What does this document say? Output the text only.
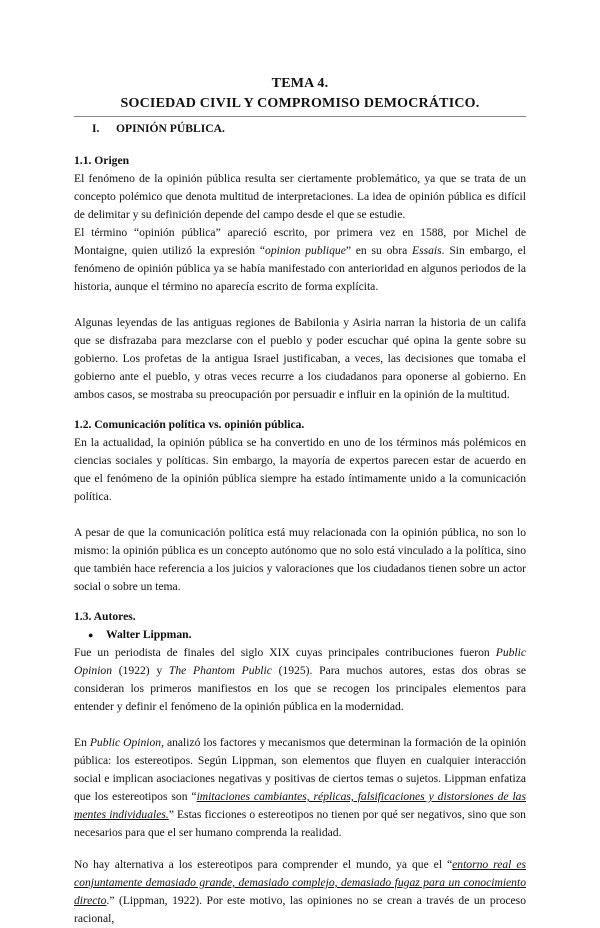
TEMA 4.
SOCIEDAD CIVIL Y COMPROMISO DEMOCRÁTICO.
I. OPINIÓN PÚBLICA.
1.1. Origen

El fenómeno de la opinión pública resulta ser ciertamente problemático, ya que se trata de un concepto polémico que denota multitud de interpretaciones. La idea de opinión pública es difícil de delimitar y su definición depende del campo desde el que se estudie.

El término “opinión pública” apareció escrito, por primera vez en 1588, por Michel de Montaigne, quien utilizó la expresión “opinion publique” en su obra Essais. Sin embargo, el fenómeno de opinión pública ya se había manifestado con anterioridad en algunos periodos de la historia, aunque el término no aparecía escrito de forma explícita.

Algunas leyendas de las antiguas regiones de Babilonia y Asiria narran la historia de un califa que se disfrazaba para mezclarse con el pueblo y poder escuchar qué opina la gente sobre su gobierno. Los profetas de la antigua Israel justificaban, a veces, las decisiones que tomaba el gobierno ante el pueblo, y otras veces recurre a los ciudadanos para oponerse al gobierno. En ambos casos, se mostraba su preocupación por persuadir e influir en la opinión de la multitud.

1.2. Comunicación política vs. opinión pública.

En la actualidad, la opinión pública se ha convertido en uno de los términos más polémicos en ciencias sociales y políticas. Sin embargo, la mayoría de expertos parecen estar de acuerdo en que el fenómeno de la opinión pública siempre ha estado íntimamente unido a la comunicación política.

A pesar de que la comunicación política está muy relacionada con la opinión pública, no son lo mismo: la opinión pública es un concepto autónomo que no solo está vinculado a la política, sino que también hace referencia a los juicios y valoraciones que los ciudadanos tienen sobre un actor social o sobre un tema.

1.3. Autores.
● Walter Lippman.

Fue un periodista de finales del siglo XIX cuyas principales contribuciones fueron Public Opinion (1922) y The Phantom Public (1925). Para muchos autores, estas dos obras se consideran los primeros manifiestos en los que se recogen los principales elementos para entender y definir el fenómeno de la opinión pública en la modernidad.

En Public Opinion, analizó los factores y mecanismos que determinan la formación de la opinión pública: los estereotipos. Según Lippman, son elementos que fluyen en cualquier interacción social e implican asociaciones negativas y positivas de ciertos temas o sujetos. Lippman enfatiza que los estereotipos son “imitaciones cambiantes, réplicas, falsificaciones y distorsiones de las mentes individuales.” Estas ficciones o estereotipos no tienen por qué ser negativos, sino que son necesarios para que el ser humano comprenda la realidad.

No hay alternativa a los estereotipos para comprender el mundo, ya que el “entorno real es conjuntamente demasiado grande, demasiado complejo, demasiado fugaz para un conocimiento directo.” (Lippman, 1922). Por este motivo, las opiniones no se crean a través de un proceso racional,
